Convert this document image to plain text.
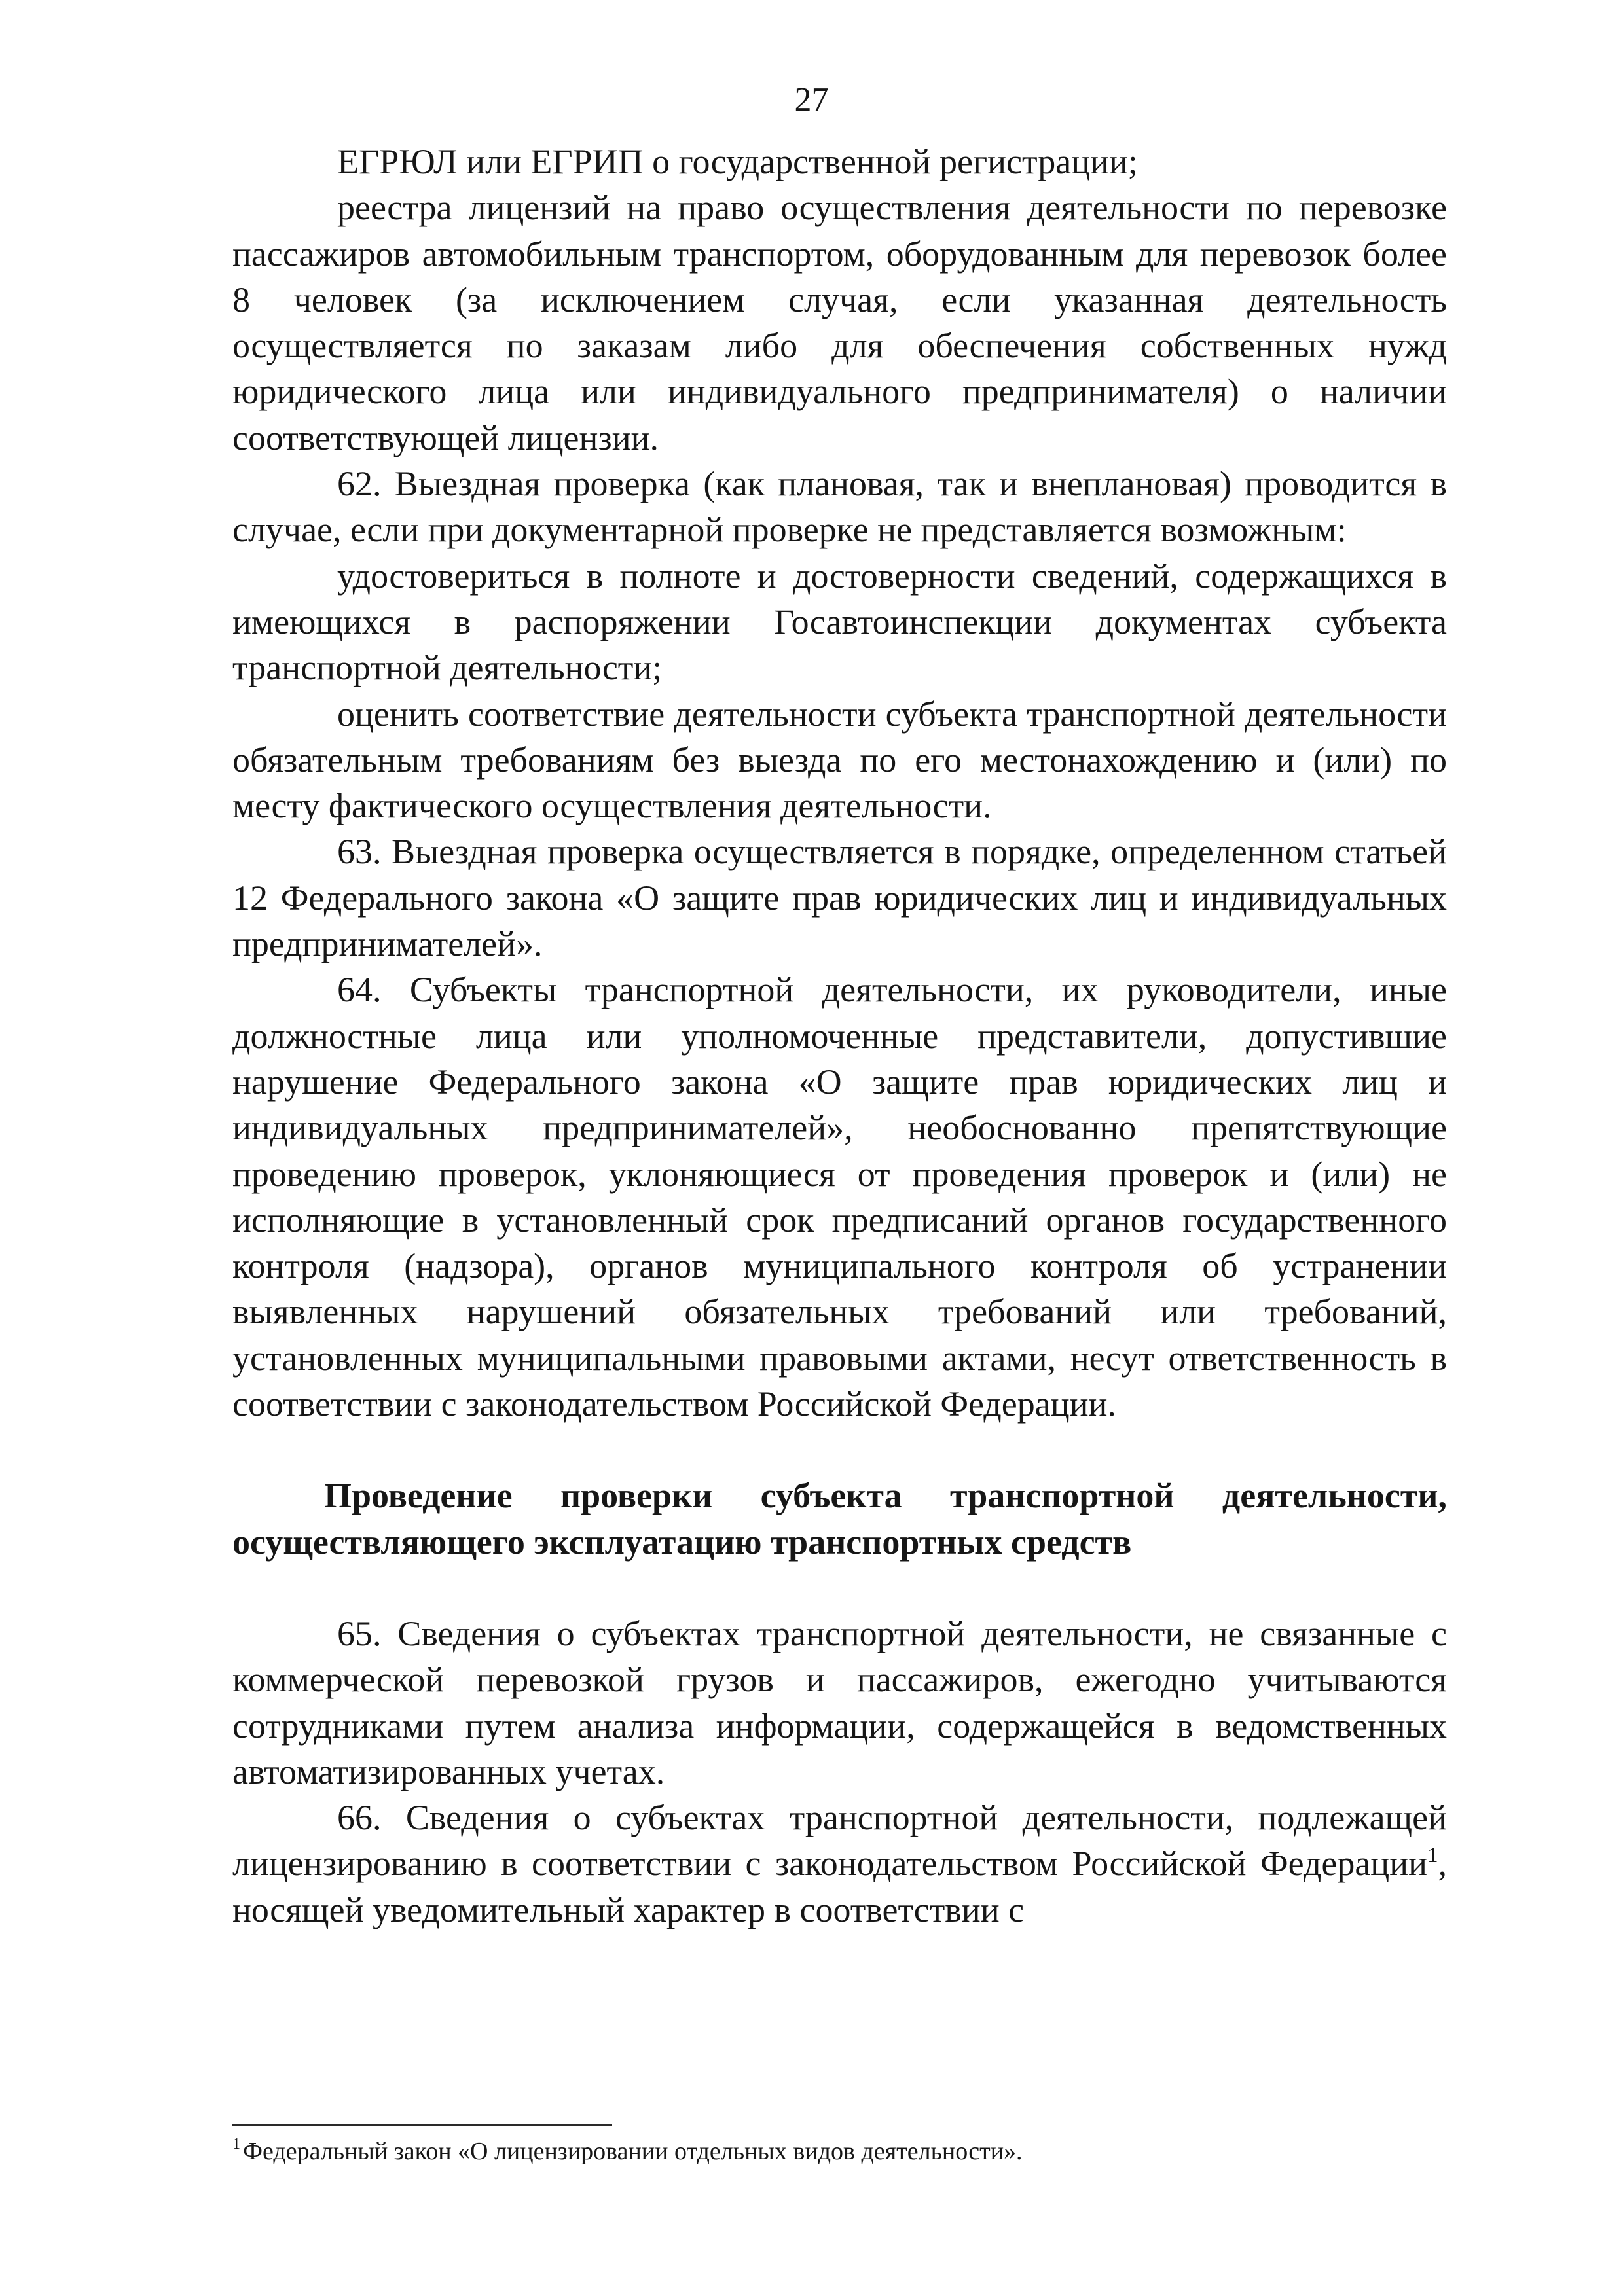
27

ЕГРЮЛ или ЕГРИП о государственной регистрации;

реестра лицензий на право осуществления деятельности по перевозке пассажиров автомобильным транспортом, оборудованным для перевозок более 8 человек (за исключением случая, если указанная деятельность осуществляется по заказам либо для обеспечения собственных нужд юридического лица или индивидуального предпринимателя) о наличии соответствующей лицензии.

62. Выездная проверка (как плановая, так и внеплановая) проводится в случае, если при документарной проверке не представляется возможным:

удостовериться в полноте и достоверности сведений, содержащихся в имеющихся в распоряжении Госавтоинспекции документах субъекта транспортной деятельности;

оценить соответствие деятельности субъекта транспортной деятельности обязательным требованиям без выезда по его местонахождению и (или) по месту фактического осуществления деятельности.

63. Выездная проверка осуществляется в порядке, определенном статьей 12 Федерального закона «О защите прав юридических лиц и индивидуальных предпринимателей».

64. Субъекты транспортной деятельности, их руководители, иные должностные лица или уполномоченные представители, допустившие нарушение Федерального закона «О защите прав юридических лиц и индивидуальных предпринимателей», необоснованно препятствующие проведению проверок, уклоняющиеся от проведения проверок и (или) не исполняющие в установленный срок предписаний органов государственного контроля (надзора), органов муниципального контроля об устранении выявленных нарушений обязательных требований или требований, установленных муниципальными правовыми актами, несут ответственность в соответствии с законодательством Российской Федерации.

Проведение проверки субъекта транспортной деятельности, осуществляющего эксплуатацию транспортных средств

65. Сведения о субъектах транспортной деятельности, не связанные с коммерческой перевозкой грузов и пассажиров, ежегодно учитываются сотрудниками путем анализа информации, содержащейся в ведомственных автоматизированных учетах.

66. Сведения о субъектах транспортной деятельности, подлежащей лицензированию в соответствии с законодательством Российской Федерации$^1$, носящей уведомительный характер в соответствии с

$^1$ Федеральный закон «О лицензировании отдельных видов деятельности».
